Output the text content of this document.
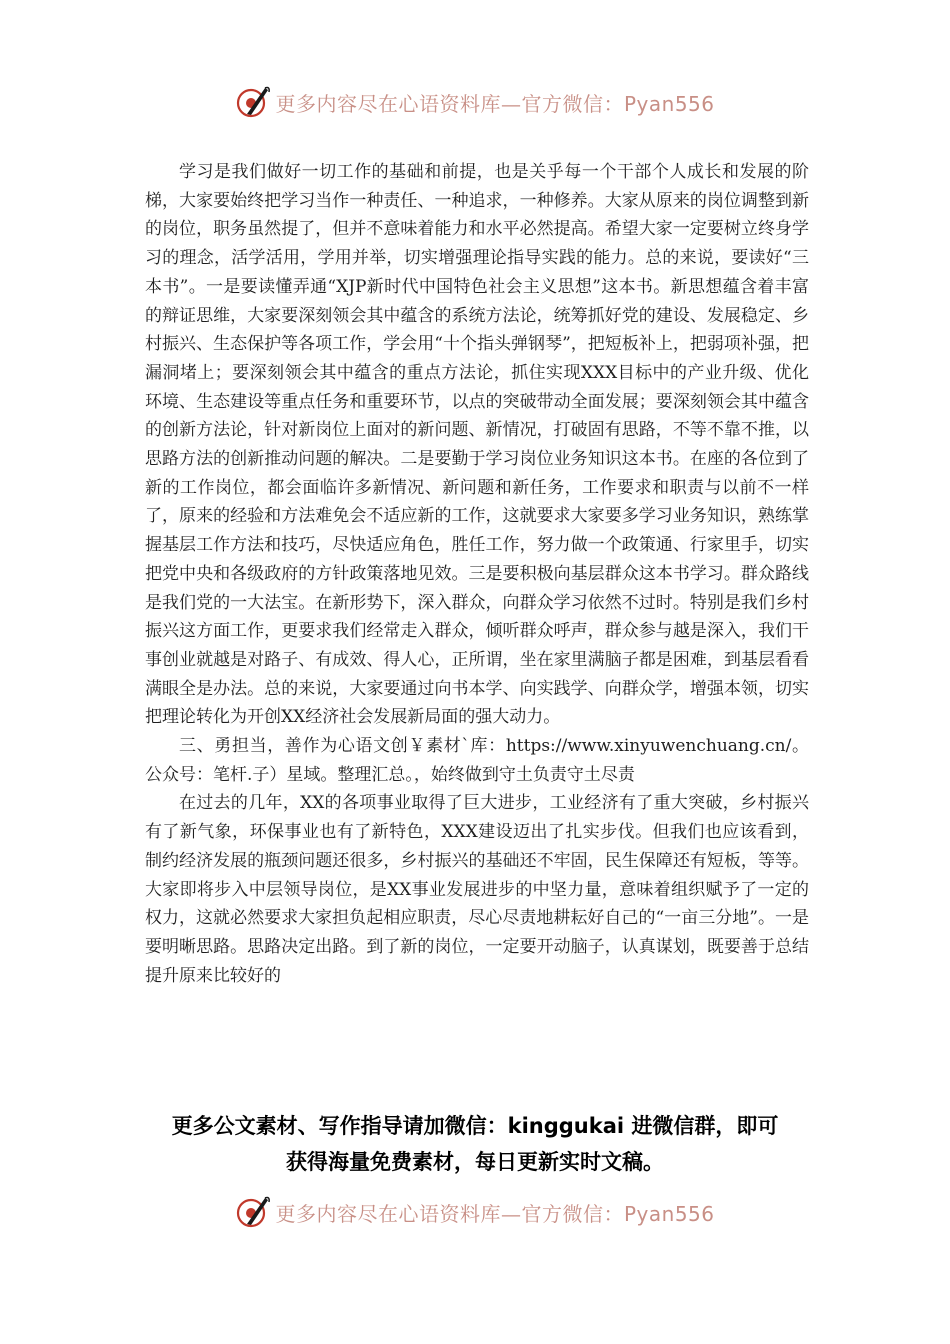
更多内容尽在心语资料库—官方微信：Pyan556

学习是我们做好一切工作的基础和前提，也是关乎每一个干部个人成长和发展的阶梯，大家要始终把学习当作一种责任、一种追求，一种修养。大家从原来的岗位调整到新的岗位，职务虽然提了，但并不意味着能力和水平必然提高。希望大家一定要树立终身学习的理念，活学活用，学用并举，切实增强理论指导实践的能力。总的来说，要读好“三本书”。一是要读懂弄通“XJP新时代中国特色社会主义思想”这本书。新思想蕴含着丰富的辩证思维，大家要深刻领会其中蕴含的系统方法论，统筹抓好党的建设、发展稳定、乡村振兴、生态保护等各项工作，学会用“十个指头弹钢琴”，把短板补上，把弱项补强，把漏洞堵上；要深刻领会其中蕴含的重点方法论，抓住实现XXX目标中的产业升级、优化环境、生态建设等重点任务和重要环节，以点的突破带动全面发展；要深刻领会其中蕴含的创新方法论，针对新岗位上面对的新问题、新情况，打破固有思路，不等不靠不推，以思路方法的创新推动问题的解决。二是要勤于学习岗位业务知识这本书。在座的各位到了新的工作岗位，都会面临许多新情况、新问题和新任务，工作要求和职责与以前不一样了，原来的经验和方法难免会不适应新的工作，这就要求大家要多学习业务知识，熟练掌握基层工作方法和技巧，尽快适应角色，胜任工作，努力做一个政策通、行家里手，切实把党中央和各级政府的方针政策落地见效。三是要积极向基层群众这本书学习。群众路线是我们党的一大法宝。在新形势下，深入群众，向群众学习依然不过时。特别是我们乡村振兴这方面工作，更要求我们经常走入群众，倾听群众呼声，群众参与越是深入，我们干事创业就越是对路子、有成效、得人心，正所谓，坐在家里满脑子都是困难，到基层看看满眼全是办法。总的来说，大家要通过向书本学、向实践学、向群众学，增强本领，切实把理论转化为开创XX经济社会发展新局面的强大动力。

三、勇担当，善作为心语文创￥素材`库：https://www.xinyuwenchuang.cn/。公众号：笔杆.子）星域。整理汇总。，始终做到守土负责守土尽责

在过去的几年，XX的各项事业取得了巨大进步，工业经济有了重大突破，乡村振兴有了新气象，环保事业也有了新特色，XXX建设迈出了扎实步伐。但我们也应该看到，制约经济发展的瓶颈问题还很多，乡村振兴的基础还不牢固，民生保障还有短板，等等。大家即将步入中层领导岗位，是XX事业发展进步的中坚力量，意味着组织赋予了一定的权力，这就必然要求大家担负起相应职责，尽心尽责地耕耘好自己的“一亩三分地”。一是要明晰思路。思路决定出路。到了新的岗位，一定要开动脑子，认真谋划，既要善于总结提升原来比较好的

更多公文素材、写作指导请加微信：kinggukai 进微信群，即可
获得海量免费素材，每日更新实时文稿。
更多内容尽在心语资料库—官方微信：Pyan556
